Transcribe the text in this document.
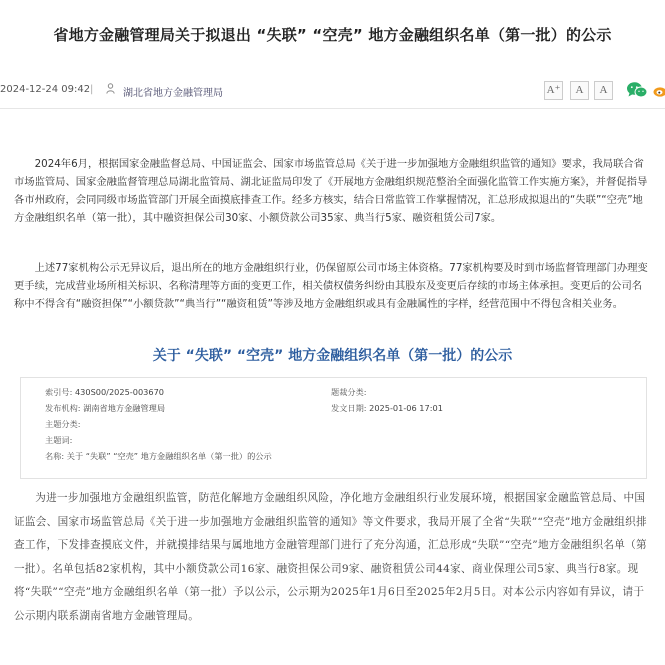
省地方金融管理局关于拟退出 “失联” “空壳” 地方金融组织名单（第一批）的公示
2024-12-24 09:42 |	湖北省地方金融管理局	A⁺	A	A

2024年6月，根据国家金融监督总局、中国证监会、国家市场监管总局《关于进一步加强地方金融组织监管的通知》要求，我局联合省市场监管局、国家金融监督管理总局湖北监管局、湖北证监局印发了《开展地方金融组织规范整治全面强化监管工作实施方案》，并督促指导各市州政府，会同同级市场监管部门开展全面摸底排查工作。经多方核实，结合日常监管工作掌握情况，汇总形成拟退出的“失联”“空壳”地方金融组织名单（第一批），其中融资担保公司30家、小额贷款公司35家、典当行5家、融资租赁公司7家。

上述77家机构公示无异议后，退出所在的地方金融组织行业，仍保留原公司市场主体资格。77家机构要及时到市场监督管理部门办理变更手续，完成营业场所相关标识、名称清理等方面的变更工作，相关债权债务纠纷由其股东及变更后存续的市场主体承担。变更后的公司名称中不得含有“融资担保”“小额贷款”“典当行”“融资租赁”等涉及地方金融组织或具有金融属性的字样，经营范围中不得包含相关业务。

关于 “失联” “空壳” 地方金融组织名单（第一批）的公示
索引号: 430S00/2025-003670	题裁分类:
发布机构: 湖南省地方金融管理局	发文日期: 2025-01-06 17:01
主题分类:
主题词:
名称: 关于 “失联” “空壳” 地方金融组织名单（第一批）的公示

为进一步加强地方金融组织监管，防范化解地方金融组织风险，净化地方金融组织行业发展环境，根据国家金融监管总局、中国证监会、国家市场监管总局《关于进一步加强地方金融组织监管的通知》等文件要求，我局开展了全省“失联”“空壳”地方金融组织排查工作，下发排查摸底文件，并就摸排结果与属地地方金融管理部门进行了充分沟通，汇总形成“失联”“空壳”地方金融组织名单（第一批）。名单包括82家机构，其中小额贷款公司16家、融资担保公司9家、融资租赁公司44家、商业保理公司5家、典当行8家。现将“失联”“空壳”地方金融组织名单（第一批）予以公示，公示期为2025年1月6日至2025年2月5日。对本公示内容如有异议，请于公示期内联系湖南省地方金融管理局。
